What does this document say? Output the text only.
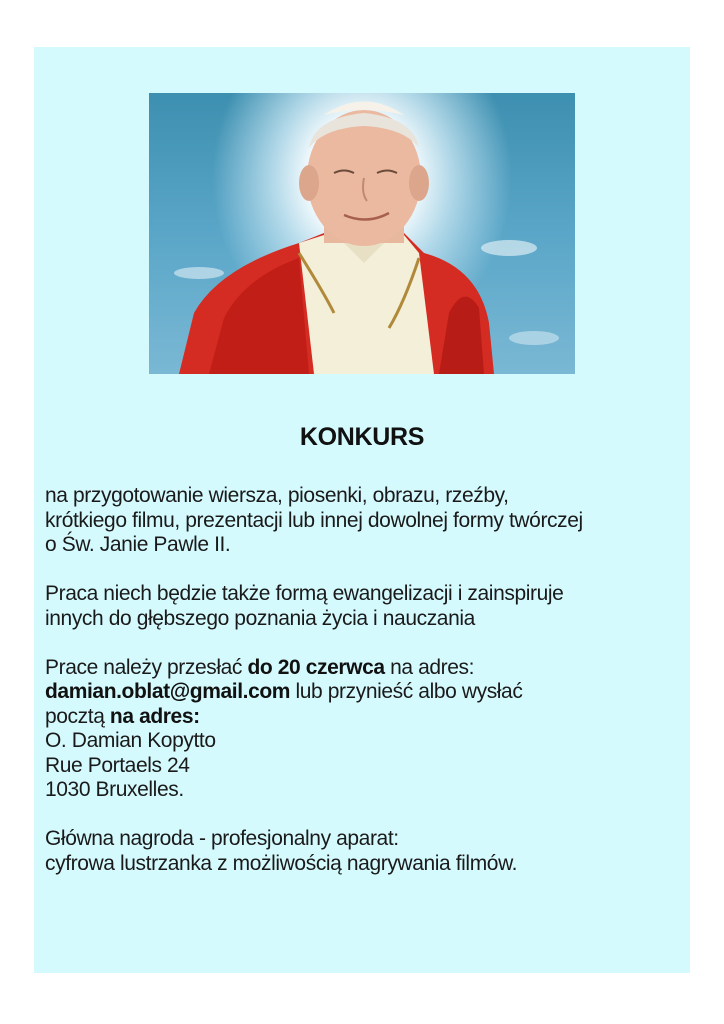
KONKURS
na przygotowanie wiersza, piosenki, obrazu, rzeźby,
krótkiego filmu, prezentacji lub innej dowolnej formy twórczej
o Św. Janie Pawle II.
Praca niech będzie także formą ewangelizacji i zainspiruje
innych do głębszego poznania życia i nauczania
Prace należy przesłać do 20 czerwca na adres:
damian.oblat@gmail.com lub przynieść albo wysłać
pocztą na adres:
O. Damian Kopytto
Rue Portaels 24
1030 Bruxelles.
Główna nagroda - profesjonalny aparat:
cyfrowa lustrzanka z możliwością nagrywania filmów.
